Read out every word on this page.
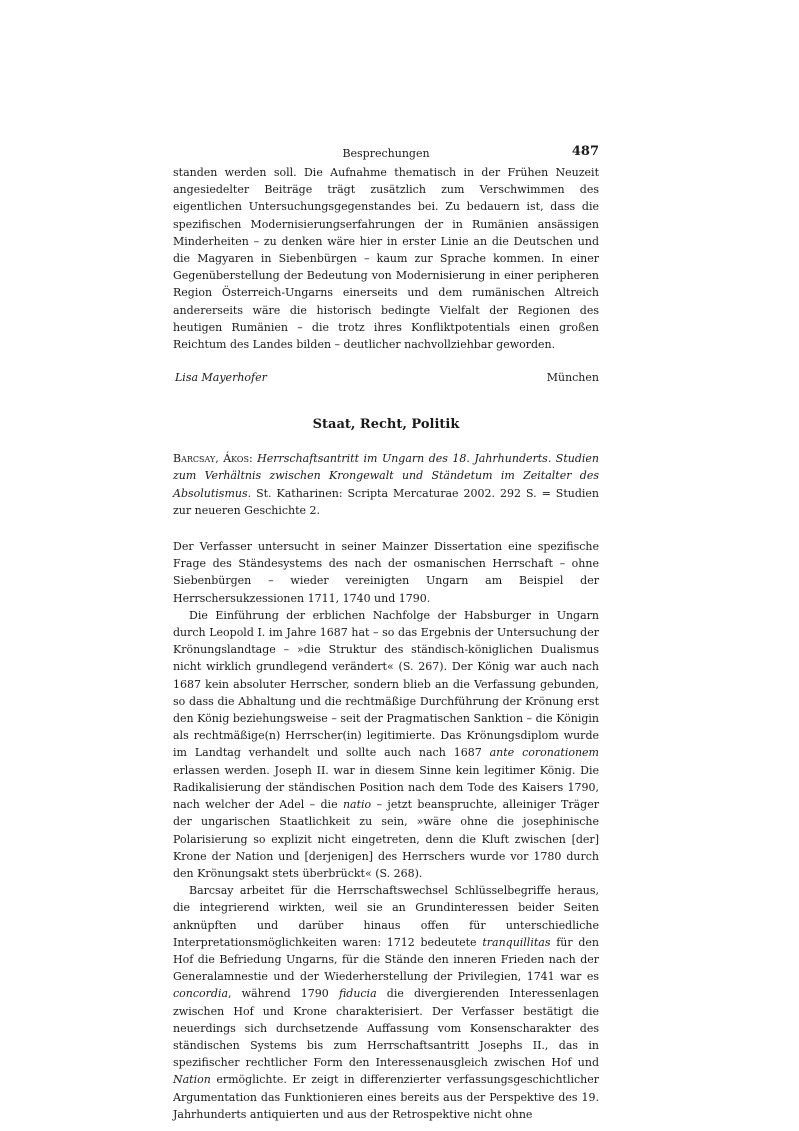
Besprechungen	487

standen werden soll. Die Aufnahme thematisch in der Frühen Neuzeit angesiedelter Beiträge trägt zusätzlich zum Verschwimmen des eigentlichen Untersuchungsgegenstandes bei. Zu bedauern ist, dass die spezifischen Modernisierungserfahrungen der in Rumänien ansässigen Minderheiten – zu denken wäre hier in erster Linie an die Deutschen und die Magyaren in Siebenbürgen – kaum zur Sprache kommen. In einer Gegenüberstellung der Bedeutung von Modernisierung in einer peripheren Region Österreich-Ungarns einerseits und dem rumänischen Altreich andererseits wäre die historisch bedingte Vielfalt der Regionen des heutigen Rumänien – die trotz ihres Konfliktpotentials einen großen Reichtum des Landes bilden – deutlicher nachvollziehbar geworden.

Lisa Mayerhofer	München
Staat, Recht, Politik
Barcsay, Ákos: Herrschaftsantritt im Ungarn des 18. Jahrhunderts. Studien zum Verhältnis zwischen Krongewalt und Ständetum im Zeitalter des Absolutismus. St. Katharinen: Scripta Mercaturae 2002. 292 S. = Studien zur neueren Geschichte 2.

Der Verfasser untersucht in seiner Mainzer Dissertation eine spezifische Frage des Ständesystems des nach der osmanischen Herrschaft – ohne Siebenbürgen – wieder vereinigten Ungarn am Beispiel der Herrschersukzessionen 1711, 1740 und 1790.

Die Einführung der erblichen Nachfolge der Habsburger in Ungarn durch Leopold I. im Jahre 1687 hat – so das Ergebnis der Untersuchung der Krönungslandtage – »die Struktur des ständisch-königlichen Dualismus nicht wirklich grundlegend verändert« (S. 267). Der König war auch nach 1687 kein absoluter Herrscher, sondern blieb an die Verfassung gebunden, so dass die Abhaltung und die rechtmäßige Durchführung der Krönung erst den König beziehungsweise – seit der Pragmatischen Sanktion – die Königin als rechtmäßige(n) Herrscher(in) legitimierte. Das Krönungsdiplom wurde im Landtag verhandelt und sollte auch nach 1687 ante coronationem erlassen werden. Joseph II. war in diesem Sinne kein legitimer König. Die Radikalisierung der ständischen Position nach dem Tode des Kaisers 1790, nach welcher der Adel – die natio – jetzt beanspruchte, alleiniger Träger der ungarischen Staatlichkeit zu sein, »wäre ohne die josephinische Polarisierung so explizit nicht eingetreten, denn die Kluft zwischen [der] Krone der Nation und [derjenigen] des Herrschers wurde vor 1780 durch den Krönungsakt stets überbrückt« (S. 268).

Barcsay arbeitet für die Herrschaftswechsel Schlüsselbegriffe heraus, die integrierend wirkten, weil sie an Grundinteressen beider Seiten anknüpften und darüber hinaus offen für unterschiedliche Interpretationsmöglichkeiten waren: 1712 bedeutete tranquillitas für den Hof die Befriedung Ungarns, für die Stände den inneren Frieden nach der Generalamnestie und der Wiederherstellung der Privilegien, 1741 war es concordia, während 1790 fiducia die divergierenden Interessenlagen zwischen Hof und Krone charakterisiert. Der Verfasser bestätigt die neuerdings sich durchsetzende Auffassung vom Konsenscharakter des ständischen Systems bis zum Herrschaftsantritt Josephs II., das in spezifischer rechtlicher Form den Interessenausgleich zwischen Hof und Nation ermöglichte. Er zeigt in differenzierter verfassungsgeschichtlicher Argumentation das Funktionieren eines bereits aus der Perspektive des 19. Jahrhunderts antiquierten und aus der Retrospektive nicht ohne
